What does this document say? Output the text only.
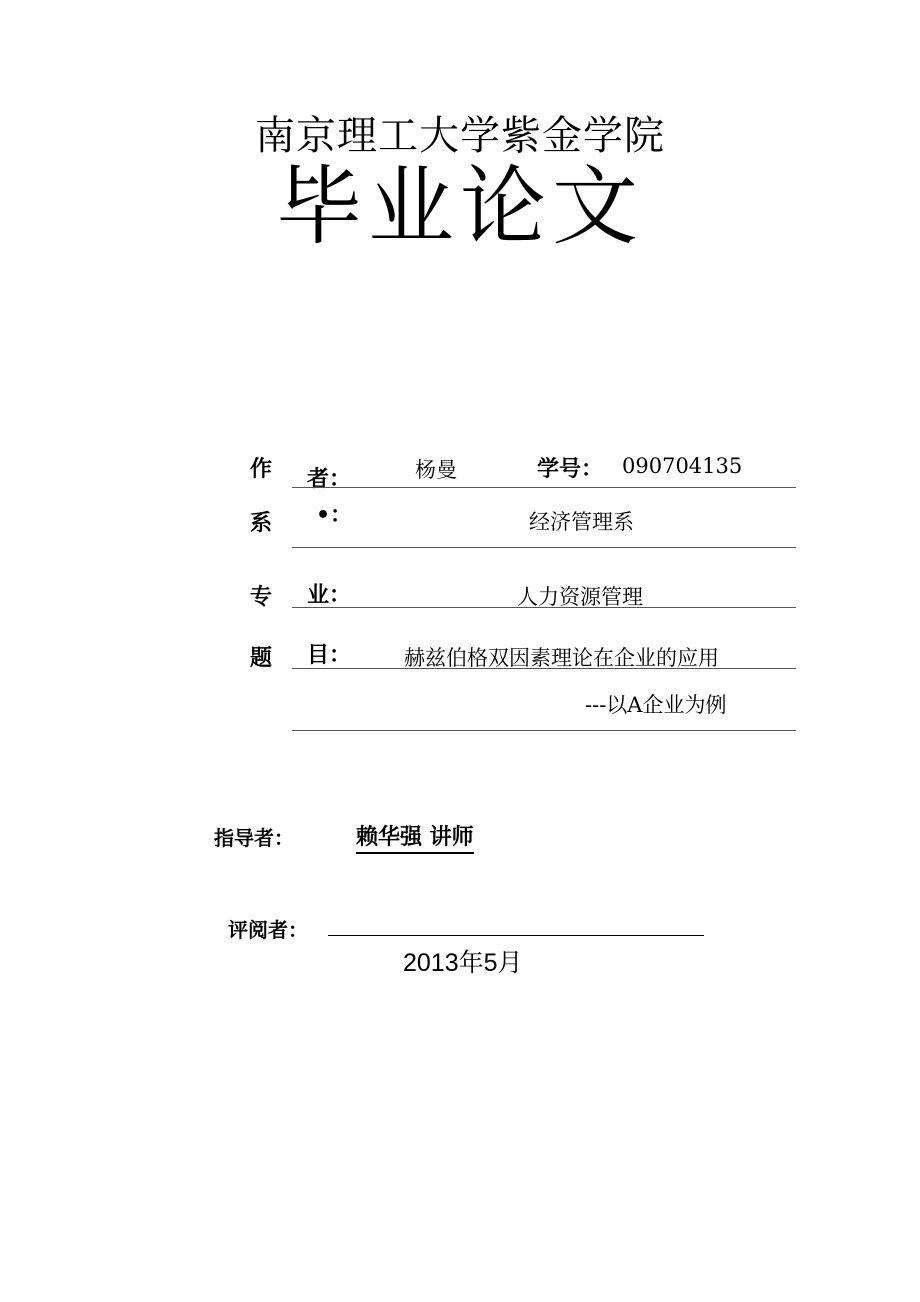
南京理工大学紫金学院
毕业论文
作 者：	杨曼	学号： 090704135
系 •：	经济管理系
专 业：	人力资源管理
题 目：	赫兹伯格双因素理论在企业的应用
---以A企业为例
指导者：	赖华强 讲师
评阅者：
2013年5月
